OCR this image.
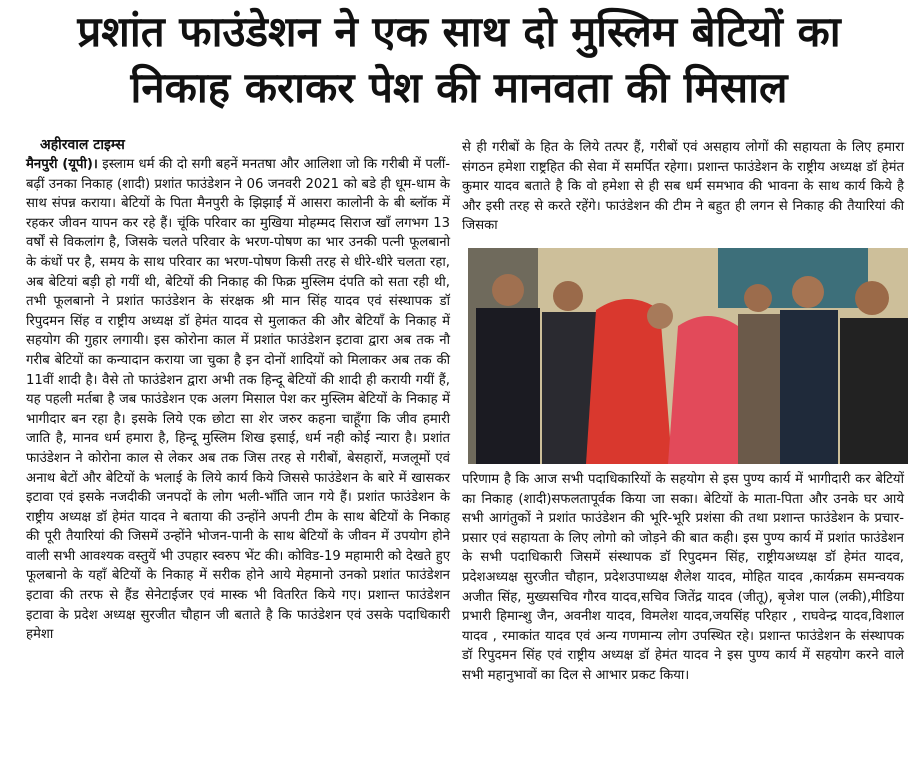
प्रशांत फाउंडेशन ने एक साथ दो मुस्लिम बेटियों का
निकाह कराकर पेश की मानवता की मिसाल
अहीरवाल टाइम्स

मैनपुरी (यूपी)। इस्लाम धर्म की दो सगी बहनें मनतषा और आलिशा जो कि गरीबी में पलीं-बढ़ीं उनका निकाह (शादी) प्रशांत फाउंडेशन ने 06 जनवरी 2021 को बडे ही धूम-धाम के साथ संपन्न कराया। बेटियों के पिता मैनपुरी के झिझाईं में आसरा कालोनी के बी ब्लॉक में रहकर जीवन यापन कर रहे हैं। चूंकि परिवार का मुखिया मोहम्मद सिराज खाँ लगभग 13 वर्षों से विकलांग है, जिसके चलते परिवार के भरण-पोषण का भार उनकी पत्नी फूलबानो के कंधों पर है, समय के साथ परिवार का भरण-पोषण किसी तरह से धीरे-धीरे चलता रहा, अब बेटियां बड़ी हो गयीं थी, बेटियों की निकाह की फिक्र मुस्लिम दंपति को सता रही थी, तभी फूलबानो ने प्रशांत फाउंडेशन के संरक्षक श्री मान सिंह यादव एवं संस्थापक डॉ रिपुदमन सिंह व राष्ट्रीय अध्यक्ष डॉ हेमंत यादव से मुलाकत की और बेटियाँ के निकाह में सहयोग की गुहार लगायी। इस कोरोना काल में प्रशांत फाउंडेशन इटावा द्वारा अब तक नौ गरीब बेटियों का कन्यादान कराया जा चुका है इन दोनों शादियों को मिलाकर अब तक की 11वीं शादी है। वैसे तो फाउंडेशन द्वारा अभी तक हिन्दू बेटियों की शादी ही करायी गयीं हैं, यह पहली मर्तबा है जब फाउंडेशन एक अलग मिसाल पेश कर मुस्लिम बेटियों के निकाह में भागीदार बन रहा है। इसके लिये एक छोटा सा शेर जरुर कहना चाहूँगा कि जीव हमारी जाति है, मानव धर्म हमारा है, हिन्दू मुस्लिम शिख इसाई, धर्म नही कोई न्यारा है। प्रशांत फाउंडेशन ने कोरोना काल से लेकर अब तक जिस तरह से गरीबों, बेसहारों, मजलूमों एवं अनाथ बेटों और बेटियों के भलाई के लिये कार्य किये जिससे फाउंडेशन के बारे में खासकर इटावा एवं इसके नजदीकी जनपदों के लोग भली-भाँति जान गये हैं। प्रशांत फाउंडेशन के राष्ट्रीय अध्यक्ष डॉ हेमंत यादव ने बताया की उन्होंने अपनी टीम के साथ बेटियों के निकाह की पूरी तैयारियां की जिसमें उन्होंने भोजन-पानी के साथ बेटियों के जीवन में उपयोग होने वाली सभी आवश्यक वस्तुयें भी उपहार स्वरुप भेंट की। कोविड-19 महामारी को देखते हुए फूलबानो के यहाँ बेटियों के निकाह में सरीक होने आये मेहमानो उनको प्रशांत फाउंडेशन इटावा की तरफ से हैंड सेनेटाईजर एवं मास्क भी वितरित किये गए। प्रशान्त फाउंडेशन इटावा के प्रदेश अध्यक्ष सुरजीत चौहान जी बताते है कि फाउंडेशन एवं उसके पदाधिकारी हमेशा

से ही गरीबों के हित के लिये तत्पर हैं, गरीबों एवं असहाय लोगों की सहायता के लिए हमारा संगठन हमेशा राष्ट्रहित की सेवा में समर्पित रहेगा। प्रशान्त फाउंडेशन के राष्ट्रीय अध्यक्ष डॉ हेमंत कुमार यादव बताते है कि वो हमेशा से ही सब धर्म समभाव की भावना के साथ कार्य किये है और इसी तरह से करते रहेंगे। फाउंडेशन की टीम ने बहुत ही लगन से निकाह की तैयारियां की जिसका

परिणाम है कि आज सभी पदाधिकारियों के सहयोग से इस पुण्य कार्य में भागीदारी कर बेटियों का निकाह (शादी)सफलतापूर्वक किया जा सका। बेटियों के माता-पिता और उनके घर आये सभी आगंतुकों ने प्रशांत फाउंडेशन की भूरि-भूरि प्रशंसा की तथा प्रशान्त फाउंडेशन के प्रचार-प्रसार एवं सहायता के लिए लोगो को जोड़ने की बात कही। इस पुण्य कार्य में प्रशांत फाउंडेशन के सभी पदाधिकारी जिसमें संस्थापक डॉ रिपुदमन सिंह, राष्ट्रीयअध्यक्ष डॉ हेमंत यादव, प्रदेशअध्यक्ष सुरजीत चौहान, प्रदेशउपाध्यक्ष शैलेश यादव, मोहित यादव ,कार्यक्रम समन्वयक अजीत सिंह, मुख्यसचिव गौरव यादव,सचिव जितेंद्र यादव (जीतू), बृजेश पाल (लकी),मीडिया प्रभारी हिमान्शु जैन, अवनीश यादव, विमलेश यादव,जयसिंह परिहार , राघवेन्द्र यादव,विशाल यादव , रमाकांत यादव एवं अन्य गणमान्य लोग उपस्थित रहे। प्रशान्त फाउंडेशन के संस्थापक डॉ रिपुदमन सिंह एवं राष्ट्रीय अध्यक्ष डॉ हेमंत यादव ने इस पुण्य कार्य में सहयोग करने वाले सभी महानुभावों का दिल से आभार प्रकट किया।
